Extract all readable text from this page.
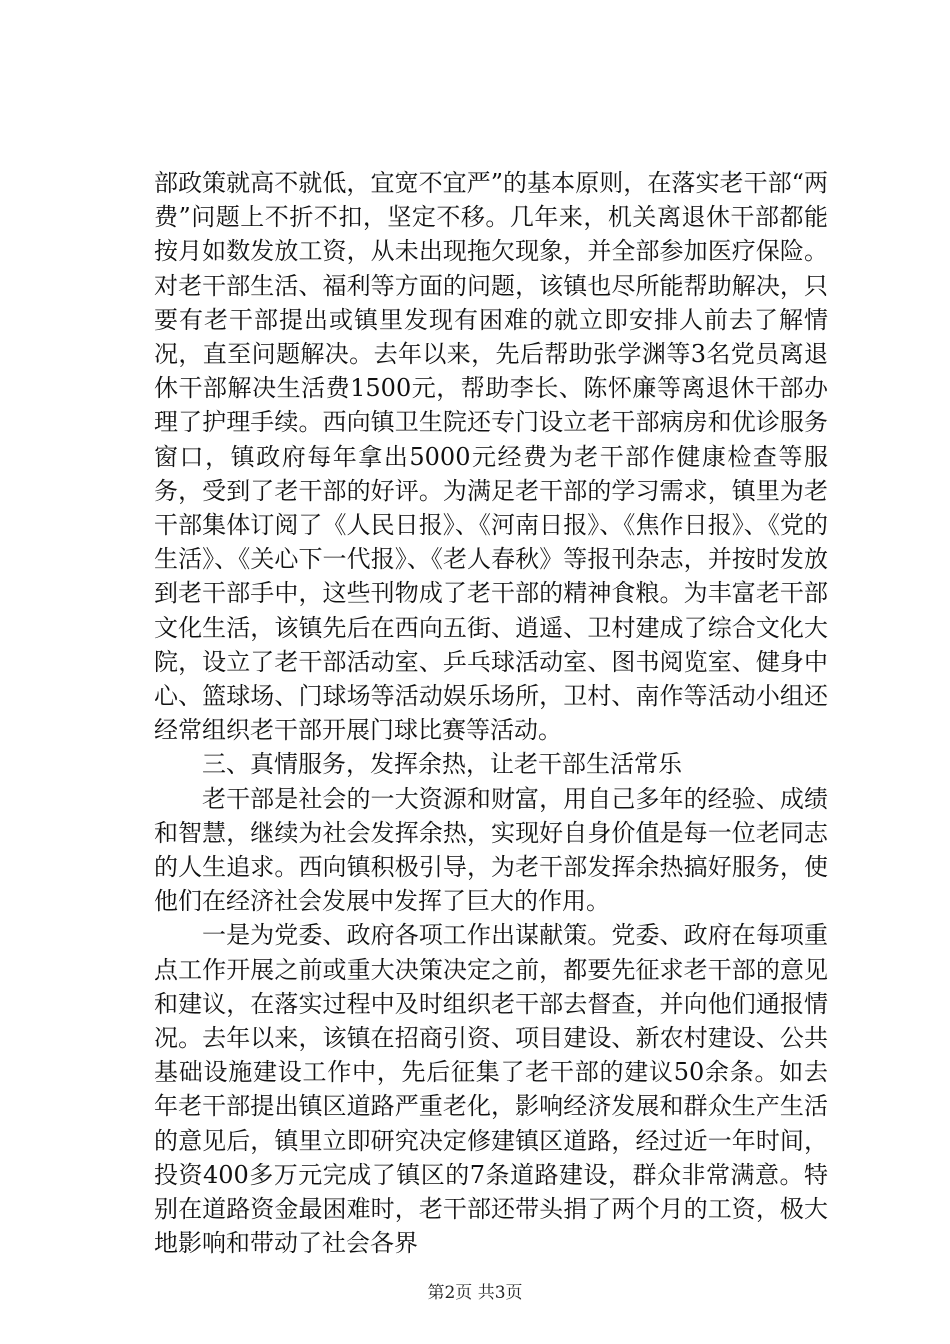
部政策就高不就低，宜宽不宜严”的基本原则，在落实老干部“两费”问题上不折不扣，坚定不移。几年来，机关离退休干部都能按月如数发放工资，从未出现拖欠现象，并全部参加医疗保险。对老干部生活、福利等方面的问题，该镇也尽所能帮助解决，只要有老干部提出或镇里发现有困难的就立即安排人前去了解情况，直至问题解决。去年以来，先后帮助张学渊等3名党员离退休干部解决生活费1500元，帮助李长、陈怀廉等离退休干部办理了护理手续。西向镇卫生院还专门设立老干部病房和优诊服务窗口，镇政府每年拿出5000元经费为老干部作健康检查等服务，受到了老干部的好评。为满足老干部的学习需求，镇里为老干部集体订阅了《人民日报》、《河南日报》、《焦作日报》、《党的生活》、《关心下一代报》、《老人春秋》等报刊杂志，并按时发放到老干部手中，这些刊物成了老干部的精神食粮。为丰富老干部文化生活，该镇先后在西向五街、逍遥、卫村建成了综合文化大院，设立了老干部活动室、乒乓球活动室、图书阅览室、健身中心、篮球场、门球场等活动娱乐场所，卫村、南作等活动小组还经常组织老干部开展门球比赛等活动。

三、真情服务，发挥余热，让老干部生活常乐

老干部是社会的一大资源和财富，用自己多年的经验、成绩和智慧，继续为社会发挥余热，实现好自身价值是每一位老同志的人生追求。西向镇积极引导，为老干部发挥余热搞好服务，使他们在经济社会发展中发挥了巨大的作用。

一是为党委、政府各项工作出谋献策。党委、政府在每项重点工作开展之前或重大决策决定之前，都要先征求老干部的意见和建议，在落实过程中及时组织老干部去督查，并向他们通报情况。去年以来，该镇在招商引资、项目建设、新农村建设、公共基础设施建设工作中，先后征集了老干部的建议50余条。如去年老干部提出镇区道路严重老化，影响经济发展和群众生产生活的意见后，镇里立即研究决定修建镇区道路，经过近一年时间，投资400多万元完成了镇区的7条道路建设，群众非常满意。特别在道路资金最困难时，老干部还带头捐了两个月的工资，极大地影响和带动了社会各界

第2页 共3页
